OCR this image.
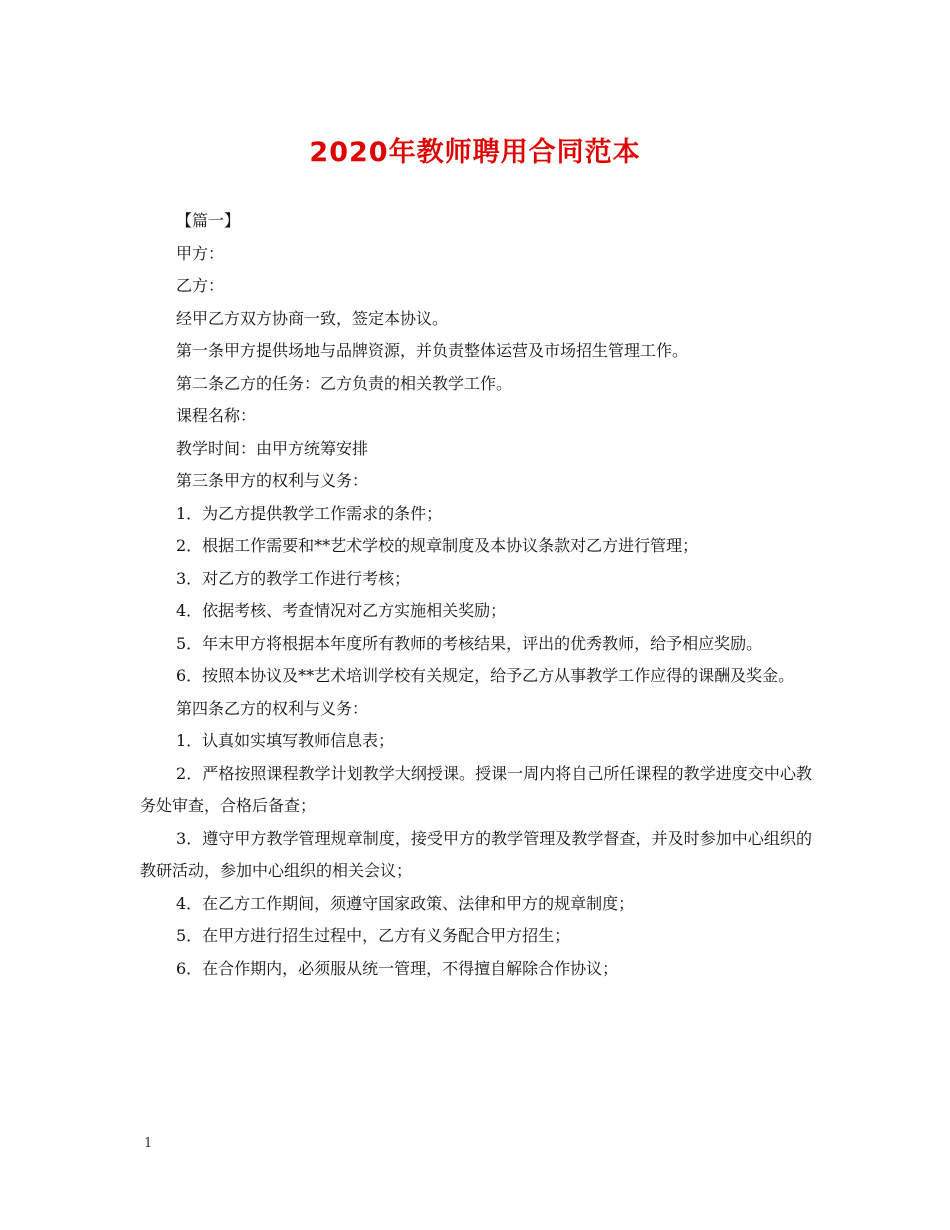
2020年教师聘用合同范本

【篇一】

甲方：

乙方：

经甲乙方双方协商一致，签定本协议。

第一条甲方提供场地与品牌资源，并负责整体运营及市场招生管理工作。

第二条乙方的任务：乙方负责的相关教学工作。

课程名称：

教学时间：由甲方统筹安排

第三条甲方的权利与义务：

1．为乙方提供教学工作需求的条件；

2．根据工作需要和**艺术学校的规章制度及本协议条款对乙方进行管理；

3．对乙方的教学工作进行考核；

4．依据考核、考查情况对乙方实施相关奖励；

5．年末甲方将根据本年度所有教师的考核结果，评出的优秀教师，给予相应奖励。

6．按照本协议及**艺术培训学校有关规定，给予乙方从事教学工作应得的课酬及奖金。

第四条乙方的权利与义务：

1．认真如实填写教师信息表；

2．严格按照课程教学计划教学大纲授课。授课一周内将自己所任课程的教学进度交中心教务处审查，合格后备查；

3．遵守甲方教学管理规章制度，接受甲方的教学管理及教学督查，并及时参加中心组织的教研活动，参加中心组织的相关会议；

4．在乙方工作期间，须遵守国家政策、法律和甲方的规章制度；

5．在甲方进行招生过程中，乙方有义务配合甲方招生；

6．在合作期内，必须服从统一管理，不得擅自解除合作协议；

1
